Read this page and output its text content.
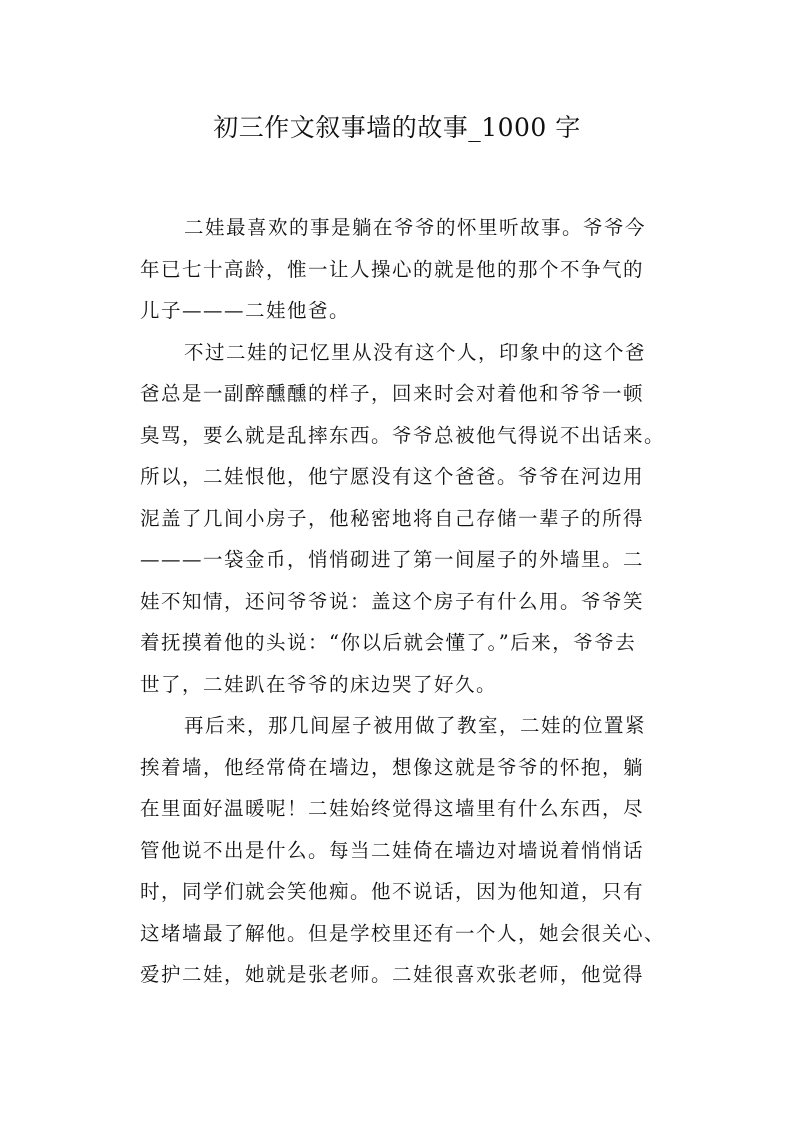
初三作文叙事墙的故事_1000 字
二娃最喜欢的事是躺在爷爷的怀里听故事。爷爷今
年已七十高龄，惟一让人操心的就是他的那个不争气的
儿子———二娃他爸。
不过二娃的记忆里从没有这个人，印象中的这个爸
爸总是一副醉醺醺的样子，回来时会对着他和爷爷一顿
臭骂，要么就是乱摔东西。爷爷总被他气得说不出话来。
所以，二娃恨他，他宁愿没有这个爸爸。爷爷在河边用
泥盖了几间小房子，他秘密地将自己存储一辈子的所得
———一袋金币，悄悄砌进了第一间屋子的外墙里。二
娃不知情，还问爷爷说：盖这个房子有什么用。爷爷笑
着抚摸着他的头说：“你以后就会懂了。”后来，爷爷去
世了，二娃趴在爷爷的床边哭了好久。
再后来，那几间屋子被用做了教室，二娃的位置紧
挨着墙，他经常倚在墙边，想像这就是爷爷的怀抱，躺
在里面好温暖呢！二娃始终觉得这墙里有什么东西，尽
管他说不出是什么。每当二娃倚在墙边对墙说着悄悄话
时，同学们就会笑他痴。他不说话，因为他知道，只有
这堵墙最了解他。但是学校里还有一个人，她会很关心、
爱护二娃，她就是张老师。二娃很喜欢张老师，他觉得
